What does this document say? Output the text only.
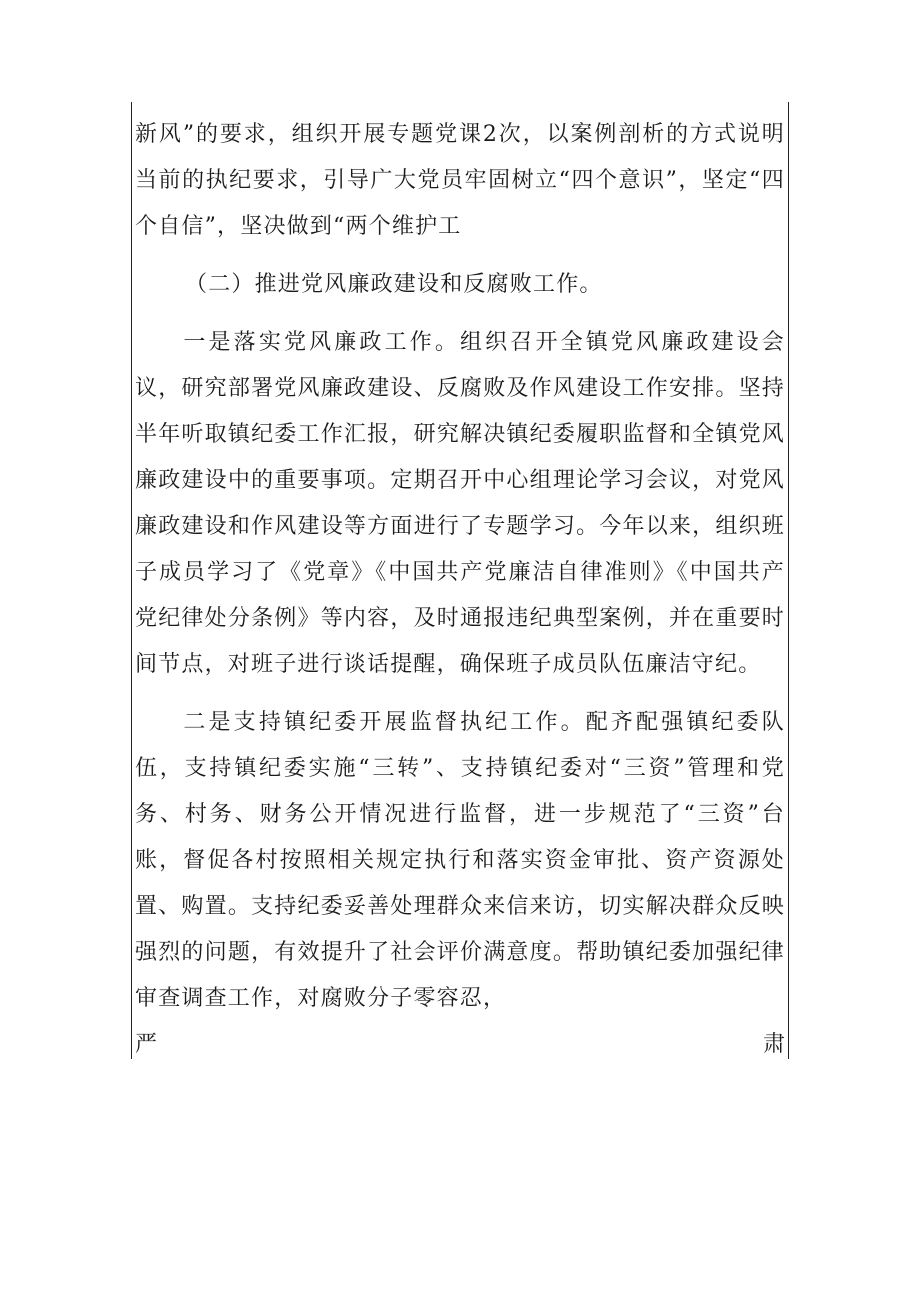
新风”的要求，组织开展专题党课2次，以案例剖析的方式说明当前的执纪要求，引导广大党员牢固树立“四个意识”，坚定“四个自信”，坚决做到“两个维护工

（二）推进党风廉政建设和反腐败工作。

一是落实党风廉政工作。组织召开全镇党风廉政建设会议，研究部署党风廉政建设、反腐败及作风建设工作安排。坚持半年听取镇纪委工作汇报，研究解决镇纪委履职监督和全镇党风廉政建设中的重要事项。定期召开中心组理论学习会议，对党风廉政建设和作风建设等方面进行了专题学习。今年以来，组织班子成员学习了《党章》《中国共产党廉洁自律准则》《中国共产党纪律处分条例》等内容，及时通报违纪典型案例，并在重要时间节点，对班子进行谈话提醒，确保班子成员队伍廉洁守纪。

二是支持镇纪委开展监督执纪工作。配齐配强镇纪委队伍，支持镇纪委实施“三转”、支持镇纪委对“三资”管理和党务、村务、财务公开情况进行监督，进一步规范了“三资”台账，督促各村按照相关规定执行和落实资金审批、资产资源处置、购置。支持纪委妥善处理群众来信来访，切实解决群众反映强烈的问题，有效提升了社会评价满意度。帮助镇纪委加强纪律审查调查工作，对腐败分子零容忍，

严	肃
